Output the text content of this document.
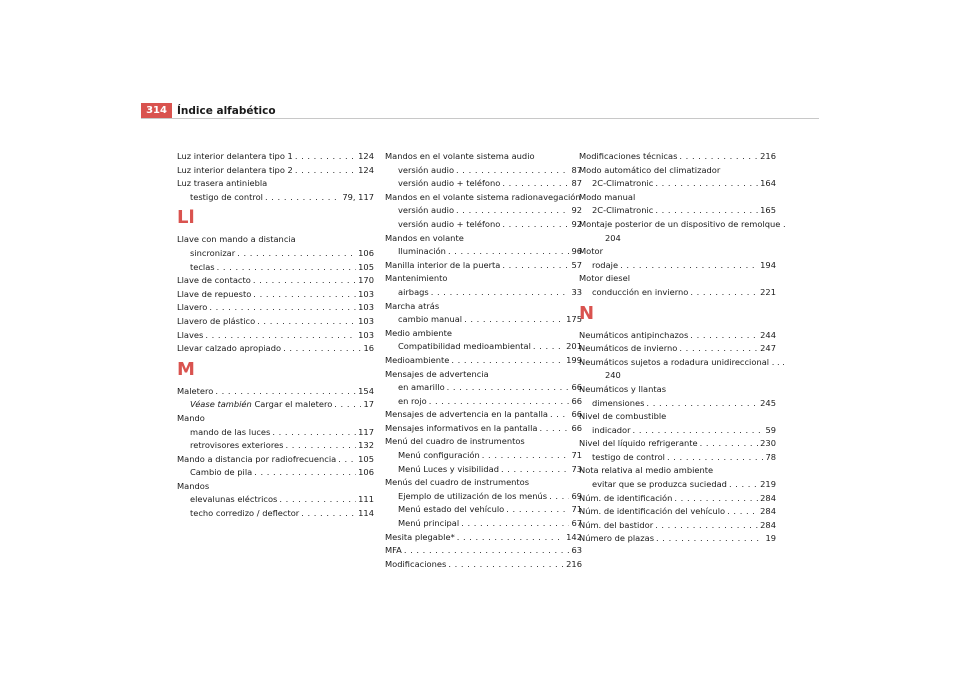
314 Índice alfabético
Luz interior delantera tipo 1 . . .	124
Luz interior delantera tipo 2 . . .	124
Luz trasera antiniebla
testigo de control . . .	79, 117
Ll
Llave con mando a distancia
sincronizar . . .	106
teclas . . .	105
Llave de contacto . . .	170
Llave de repuesto . . .	103
Llavero . . .	103
Llavero de plástico . . .	103
Llaves . . .	103
Llevar calzado apropiado . . .	16
M
Maletero . . .	154
Véase también Cargar el maletero . . .	17
Mando
mando de las luces . . .	117
retrovisores exteriores . . .	132
Mando a distancia por radiofrecuencia . . .	105
Cambio de pila . . .	106
Mandos
elevalunas eléctricos . . .	111
techo corredizo / deflector . . .	114
Mandos en el volante sistema audio
versión audio . . .	87
versión audio + teléfono . . .	87
Mandos en el volante sistema radionavegación
versión audio . . .	92
versión audio + teléfono . . .	92
Mandos en volante
Iluminación . . .	96
Manilla interior de la puerta . . .	57
Mantenimiento
airbags . . .	33
Marcha atrás
cambio manual . . .	175
Medio ambiente
Compatibilidad medioambiental . . .	201
Medioambiente . . .	199
Mensajes de advertencia
en amarillo . . .	66
en rojo . . .	66
Mensajes de advertencia en la pantalla . . .	66
Mensajes informativos en la pantalla . . .	66
Menú del cuadro de instrumentos
Menú configuración . . .	71
Menú Luces y visibilidad . . .	73
Menús del cuadro de instrumentos
Ejemplo de utilización de los menús . . .	69
Menú estado del vehículo . . .	71
Menú principal . . .	67
Mesita plegable* . . .	142
MFA . . .	63
Modificaciones . . .	216
Modificaciones técnicas . . .	216
Modo automático del climatizador
2C-Climatronic . . .	164
Modo manual
2C-Climatronic . . .	165
Montaje posterior de un dispositivo de remolque .
204
Motor
rodaje . . .	194
Motor diesel
conducción en invierno . . .	221
N
Neumáticos antipinchazos . . .	244
Neumáticos de invierno . . .	247
Neumáticos sujetos a rodadura unidireccional . . .
240
Neumáticos y llantas
dimensiones . . .	245
Nivel de combustible
indicador . . .	59
Nivel del líquido refrigerante . . .	230
testigo de control . . .	78
Nota relativa al medio ambiente
evitar que se produzca suciedad . . .	219
Núm. de identificación . . .	284
Núm. de identificación del vehículo . . .	284
Núm. del bastidor . . .	284
Número de plazas . . .	19
